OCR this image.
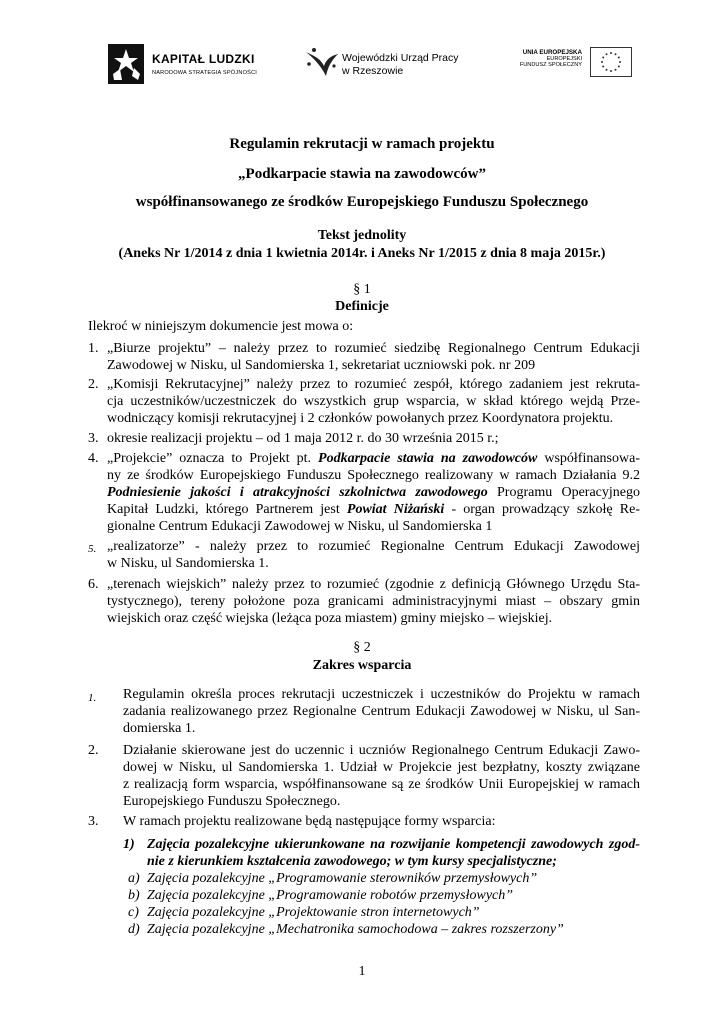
KAPITAŁ LUDZKI
NARODOWA STRATEGIA SPÓJNOŚCI
Wojewódzki Urząd Pracy
w Rzeszowie
UNIA EUROPEJSKA
EUROPEJSKI
FUNDUSZ SPOŁECZNY
Regulamin rekrutacji w ramach projektu
„Podkarpacie stawia na zawodowców”
współfinansowanego ze środków Europejskiego Funduszu Społecznego
Tekst jednolity
(Aneks Nr 1/2014 z dnia 1 kwietnia 2014r. i Aneks Nr 1/2015 z dnia 8 maja 2015r.)
§ 1
Definicje
Ilekroć w niniejszym dokumencie jest mowa o:
1. „Biurze projektu” – należy przez to rozumieć siedzibę Regionalnego Centrum Edukacji
Zawodowej w Nisku, ul Sandomierska 1, sekretariat uczniowski pok. nr 209
2. „Komisji Rekrutacyjnej” należy przez to rozumieć zespół, którego zadaniem jest rekruta-
cja uczestników/uczestniczek do wszystkich grup wsparcia, w skład którego wejdą Prze-
wodniczący komisji rekrutacyjnej i 2 członków powołanych przez Koordynatora projektu.
3. okresie realizacji projektu – od 1 maja 2012 r. do 30 września 2015 r.;
4. „Projekcie” oznacza to Projekt pt. Podkarpacie stawia na zawodowców współfinansowa-
ny ze środków Europejskiego Funduszu Społecznego realizowany w ramach Działania 9.2
Podniesienie jakości i atrakcyjności szkolnictwa zawodowego Programu Operacyjnego
Kapitał Ludzki, którego Partnerem jest Powiat Niżański - organ prowadzący szkołę Re-
gionalne Centrum Edukacji Zawodowej w Nisku, ul Sandomierska 1
5. „realizatorze” - należy przez to rozumieć Regionalne Centrum Edukacji Zawodowej
w Nisku, ul Sandomierska 1.
6. „terenach wiejskich” należy przez to rozumieć (zgodnie z definicją Głównego Urzędu Sta-
tystycznego), tereny położone poza granicami administracyjnymi miast – obszary gmin
wiejskich oraz część wiejska (leżąca poza miastem) gminy miejsko – wiejskiej.
§ 2
Zakres wsparcia
1. Regulamin określa proces rekrutacji uczestniczek i uczestników do Projektu w ramach
zadania realizowanego przez Regionalne Centrum Edukacji Zawodowej w Nisku, ul San-
domierska 1.
2. Działanie skierowane jest do uczennic i uczniów Regionalnego Centrum Edukacji Zawo-
dowej w Nisku, ul Sandomierska 1. Udział w Projekcie jest bezpłatny, koszty związane
z realizacją form wsparcia, współfinansowane są ze środków Unii Europejskiej w ramach
Europejskiego Funduszu Społecznego.
3. W ramach projektu realizowane będą następujące formy wsparcia:
1) Zajęcia pozalekcyjne ukierunkowane na rozwijanie kompetencji zawodowych zgod-
nie z kierunkiem kształcenia zawodowego; w tym kursy specjalistyczne;
a) Zajęcia pozalekcyjne „Programowanie sterowników przemysłowych”
b) Zajęcia pozalekcyjne „Programowanie robotów przemysłowych”
c) Zajęcia pozalekcyjne „Projektowanie stron internetowych”
d) Zajęcia pozalekcyjne „Mechatronika samochodowa – zakres rozszerzony”
1
